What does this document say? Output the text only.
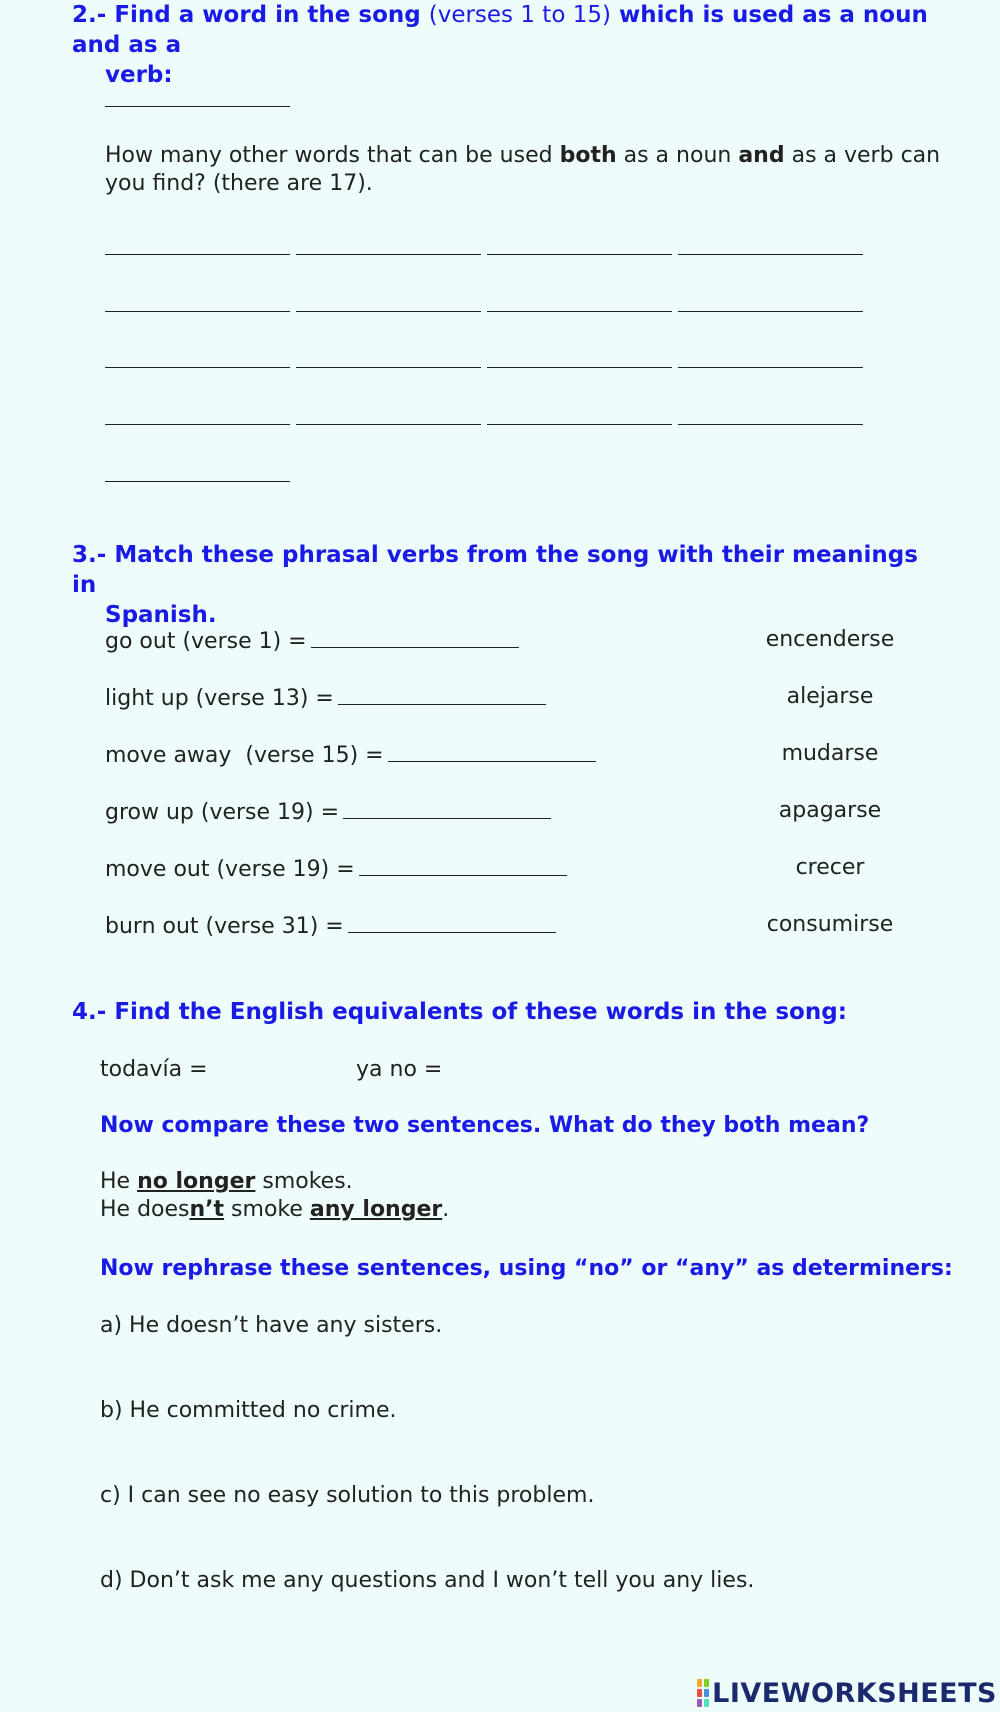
2.- Find a word in the song (verses 1 to 15) which is used as a noun and as a
verb:

How many other words that can be used both as a noun and as a verb can
you find? (there are 17).

3.- Match these phrasal verbs from the song with their meanings in
Spanish.

go out (verse 1) =	encenderse
light up (verse 13) =	alejarse
move away  (verse 15) =	mudarse
grow up (verse 19) =	apagarse
move out (verse 19) =	crecer
burn out (verse 31) =	consumirse

4.- Find the English equivalents of these words in the song:

todavía =	ya no =

Now compare these two sentences. What do they both mean?

He no longer smokes.
He doesn’t smoke any longer.

Now rephrase these sentences, using “no” or “any” as determiners:

a) He doesn’t have any sisters.

b) He committed no crime.

c) I can see no easy solution to this problem.

d) Don’t ask me any questions and I won’t tell you any lies.

LIVEWORKSHEETS
